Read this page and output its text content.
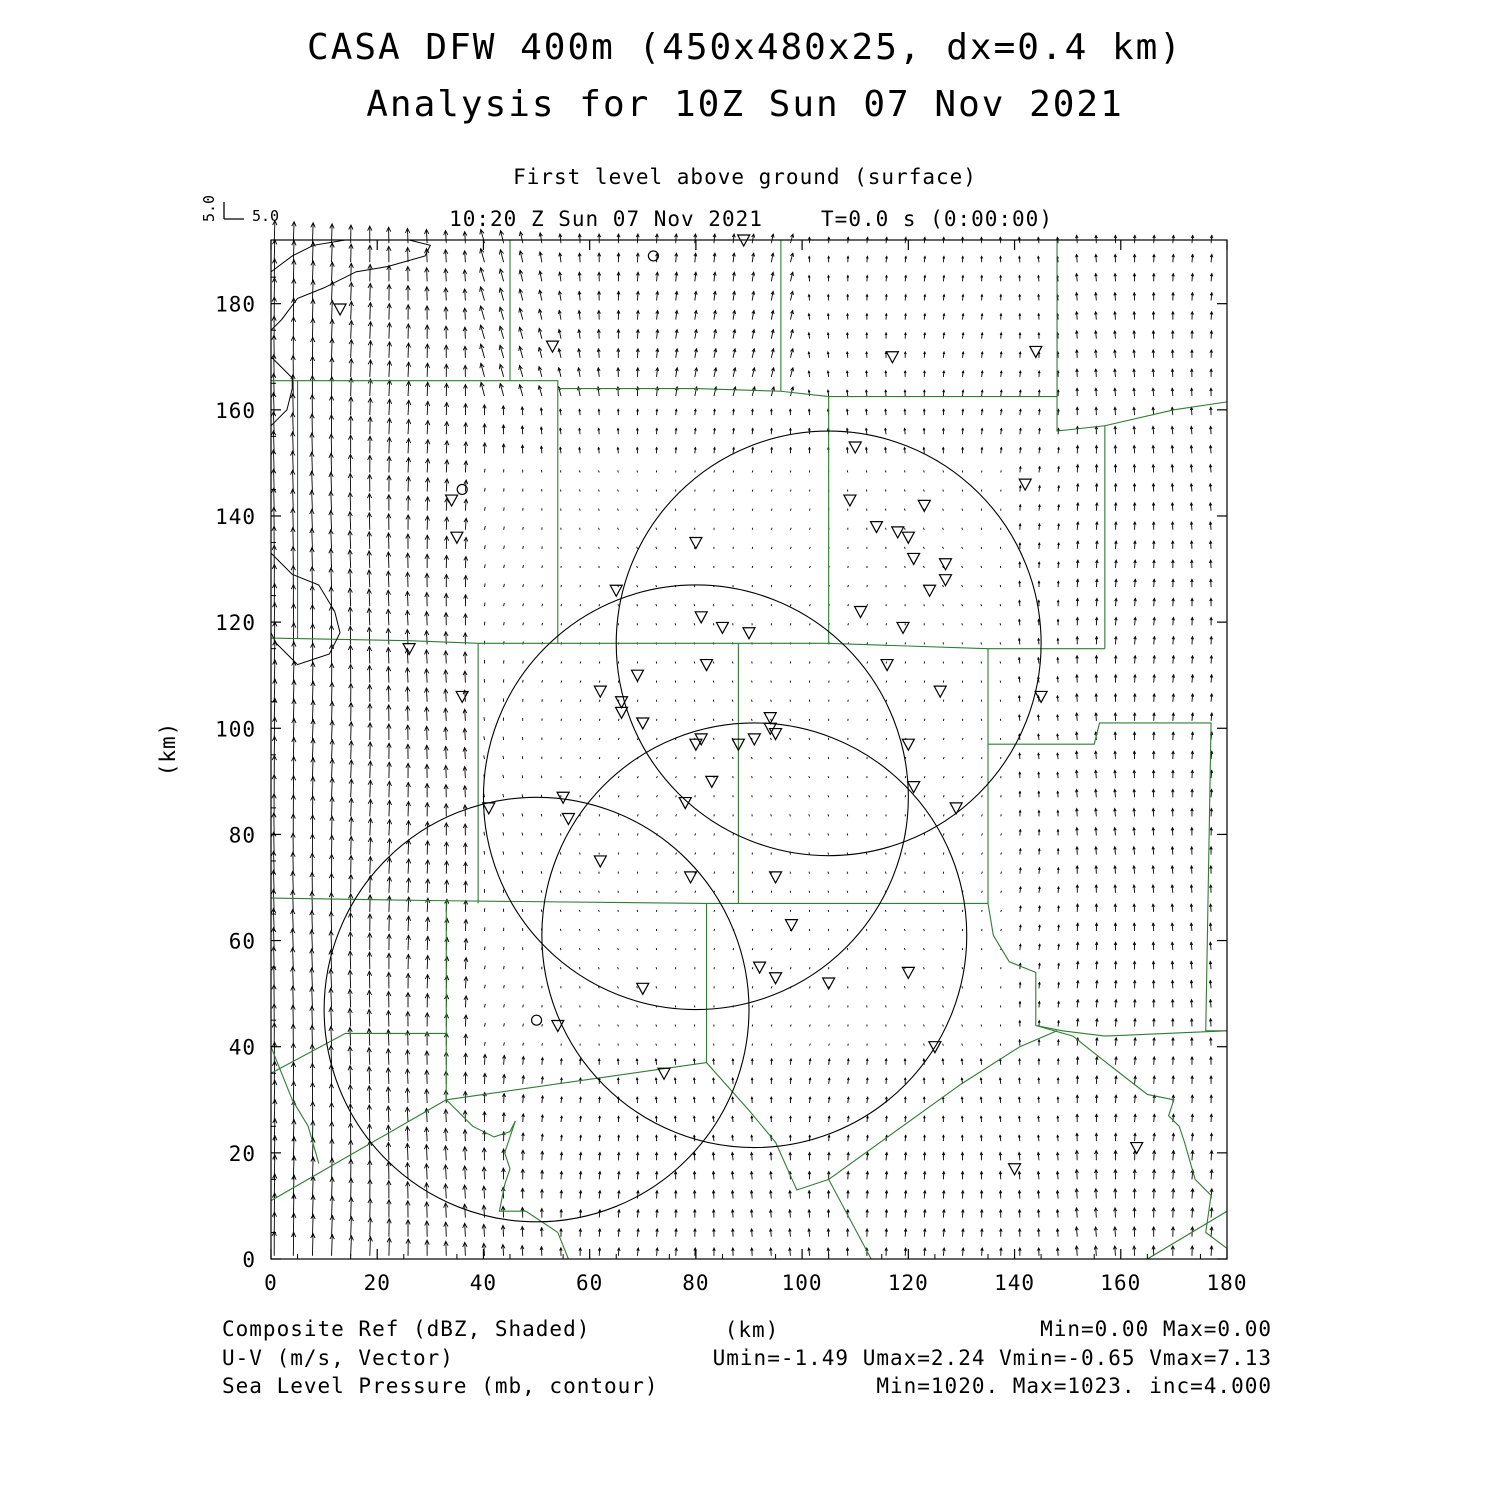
CASA DFW 400m (450x480x25, dx=0.4 km)
Analysis for 10Z Sun 07 Nov 2021
First level above ground (surface)
10:20 Z Sun 07 Nov 2021	T=0.0 s (0:00:00)
5.0 5.0
0	20	40	60	80	100	120	140	160	180
0
20
40
60
80
100
120
140
160
180
(km)
(km)
Composite Ref (dBZ, Shaded)	Min=0.00 Max=0.00
U-V (m/s, Vector)	Umin=-1.49 Umax=2.24 Vmin=-0.65 Vmax=7.13
Sea Level Pressure (mb, contour)	Min=1020. Max=1023. inc=4.000
